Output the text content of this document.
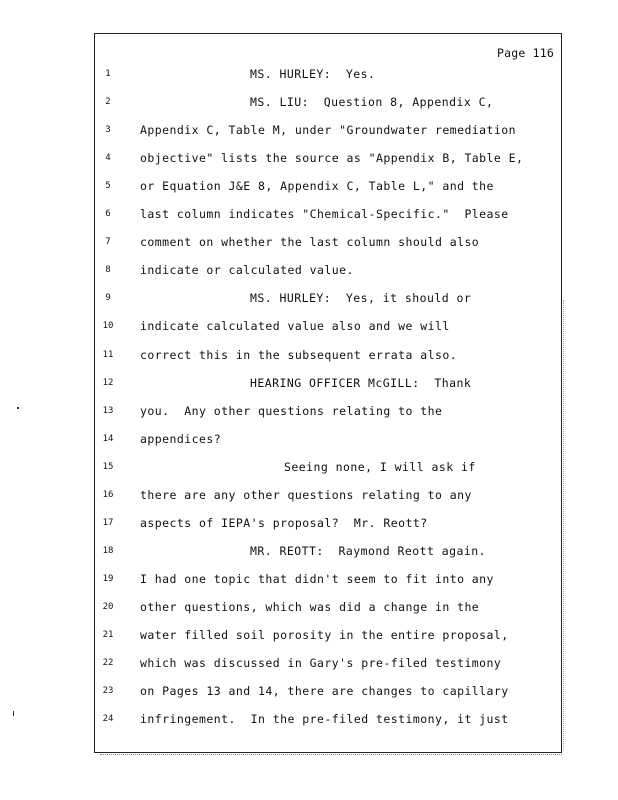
Page 116
1	MS. HURLEY:  Yes.
2	MS. LIU:  Question 8, Appendix C,
3	Appendix C, Table M, under "Groundwater remediation
4	objective" lists the source as "Appendix B, Table E,
5	or Equation J&E 8, Appendix C, Table L," and the
6	last column indicates "Chemical-Specific."  Please
7	comment on whether the last column should also
8	indicate or calculated value.
9	MS. HURLEY:  Yes, it should or
10	indicate calculated value also and we will
11	correct this in the subsequent errata also.
12	HEARING OFFICER McGILL:  Thank
13	you.  Any other questions relating to the
14	appendices?
15	Seeing none, I will ask if
16	there are any other questions relating to any
17	aspects of IEPA's proposal?  Mr. Reott?
18	MR. REOTT:  Raymond Reott again.
19	I had one topic that didn't seem to fit into any
20	other questions, which was did a change in the
21	water filled soil porosity in the entire proposal,
22	which was discussed in Gary's pre-filed testimony
23	on Pages 13 and 14, there are changes to capillary
24	infringement.  In the pre-filed testimony, it just
